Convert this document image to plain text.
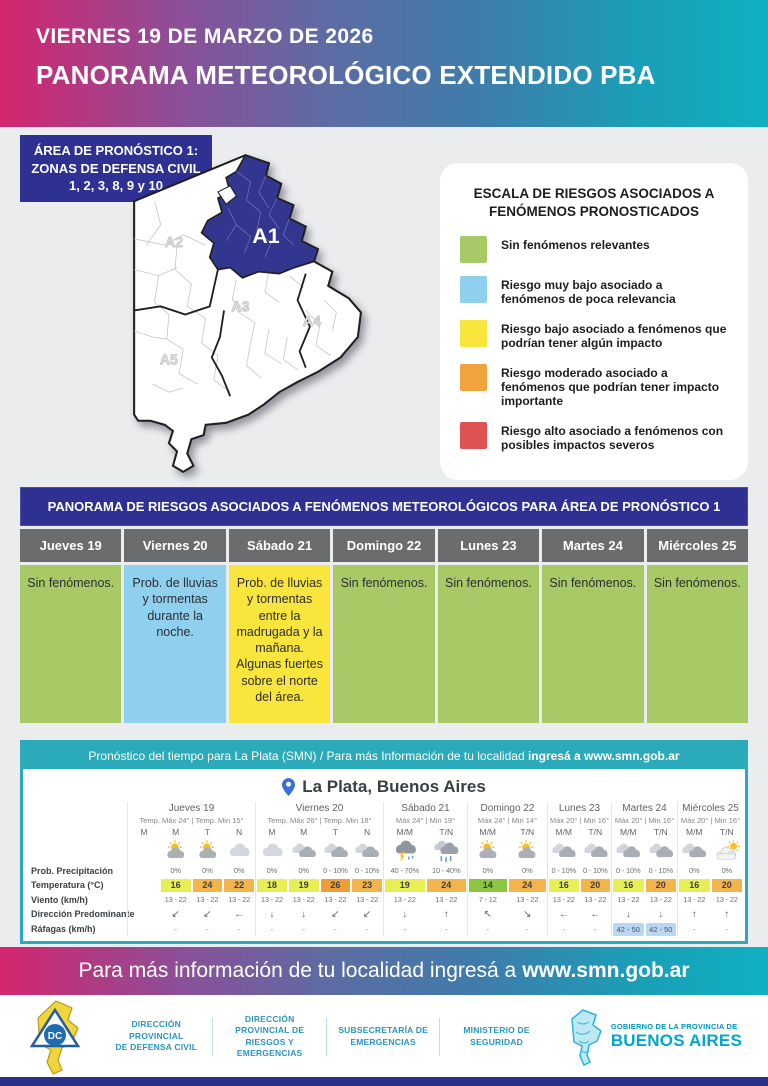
VIERNES 19 DE MARZO DE 2026
PANORAMA METEOROLÓGICO EXTENDIDO PBA
ÁREA DE PRONÓSTICO 1:
ZONAS DE DEFENSA CIVIL
1, 2, 3, 8, 9 y 10
A2
A3
A4
A5
A1
ESCALA DE RIESGOS ASOCIADOS A FENÓMENOS PRONOSTICADOS
Sin fenómenos relevantes
Riesgo muy bajo asociado a fenómenos de poca relevancia
Riesgo bajo asociado a fenómenos que podrían tener algún impacto
Riesgo moderado asociado a fenómenos que podrían tener impacto importante
Riesgo alto asociado a fenómenos con posibles impactos severos
PANORAMA DE RIESGOS ASOCIADOS A FENÓMENOS METEOROLÓGICOS PARA ÁREA DE PRONÓSTICO 1
Jueves 19
Sin fenómenos.
Viernes 20
Prob. de lluvias y tormentas durante la noche.
Sábado 21
Prob. de lluvias y tormentas entre la madrugada y la mañana. Algunas fuertes sobre el norte del área.
Domingo 22
Sin fenómenos.
Lunes 23
Sin fenómenos.
Martes 24
Sin fenómenos.
Miércoles 25
Sin fenómenos.
Pronóstico del tiempo para La Plata (SMN) / Para más Información de tu localidad ingresá a www.smn.gob.ar
La Plata, Buenos Aires
Prob. Precipitación
Temperatura (°C)
Viento (km/h)
Dirección Predominante
Ráfagas (km/h)
Jueves 19
Temp. Máx 24° | Temp. Min 15°
M	M
0%
16
13 - 22
↙
-
T
0%
24
13 - 22
↙
-
N
0%
22
13 - 22
←
-
Viernes 20
Temp. Máx 26° | Temp. Min 18°
M
0%
18
13 - 22
↓
-
M
0%
19
13 - 22
↓
-
T
0 - 10%
26
13 - 22
↙
-
N
0 - 10%
23
13 - 22
↙
-
Sábado 21
Máx 24° | Min 19°
M/M
40 - 70%
19
13 - 22
↓
-
T/N
10 - 40%
24
13 - 22
↑
-
Domingo 22
Máx 24° | Min 14°
M/M
0%
14
7 - 12
↖
-
T/N
0%
24
13 - 22
↘
-
Lunes 23
Máx 20° | Min 16°
M/M
0 - 10%
16
13 - 22
←
-
T/N
0 - 10%
20
13 - 22
←
-
Martes 24
Máx 20° | Min 16°
M/M
0 - 10%
16
13 - 22
↓
42 - 50
T/N
0 - 10%
20
13 - 22
↓
42 - 50
Miércoles 25
Máx 20° | Min 16°
M/M
0%
16
13 - 22
↑
-
T/N
0%
20
13 - 22
↑
-
Para más información de tu localidad ingresá a www.smn.gob.ar
DC
DIRECCIÓN PROVINCIAL
DE DEFENSA CIVIL
DIRECCIÓN PROVINCIAL DE
RIESGOS Y EMERGENCIAS
SUBSECRETARÍA DE
EMERGENCIAS
MINISTERIO DE
SEGURIDAD
GOBIERNO DE LA PROVINCIA DE
BUENOS AIRES
